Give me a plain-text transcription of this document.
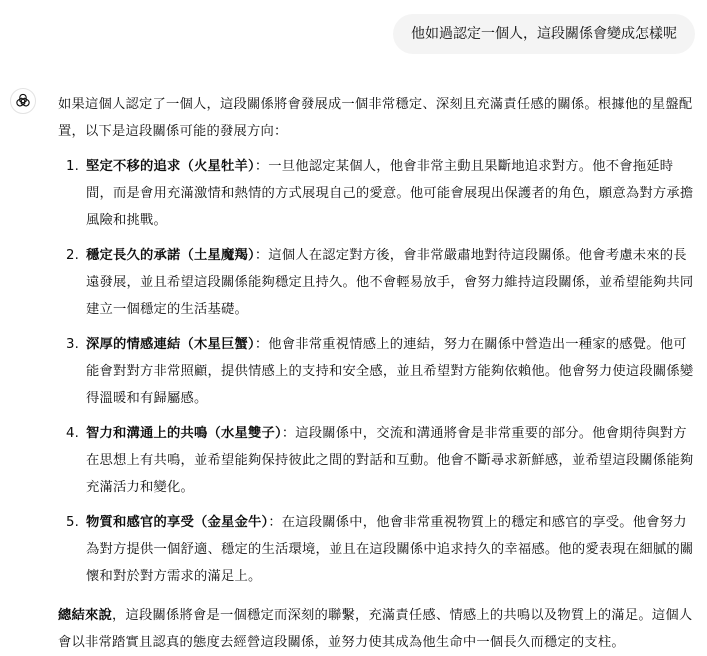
他如過認定一個人，這段關係會變成怎樣呢

如果這個人認定了一個人，這段關係將會發展成一個非常穩定、深刻且充滿責任感的關係。根據他的星盤配置，以下是這段關係可能的發展方向：

1. 堅定不移的追求（火星牡羊）：一旦他認定某個人，他會非常主動且果斷地追求對方。他不會拖延時間，而是會用充滿激情和熱情的方式展現自己的愛意。他可能會展現出保護者的角色，願意為對方承擔風險和挑戰。
2. 穩定長久的承諾（土星魔羯）：這個人在認定對方後，會非常嚴肅地對待這段關係。他會考慮未來的長遠發展，並且希望這段關係能夠穩定且持久。他不會輕易放手，會努力維持這段關係，並希望能夠共同建立一個穩定的生活基礎。
3. 深厚的情感連結（木星巨蟹）：他會非常重視情感上的連結，努力在關係中營造出一種家的感覺。他可能會對對方非常照顧，提供情感上的支持和安全感，並且希望對方能夠依賴他。他會努力使這段關係變得溫暖和有歸屬感。
4. 智力和溝通上的共鳴（水星雙子）：這段關係中，交流和溝通將會是非常重要的部分。他會期待與對方在思想上有共鳴，並希望能夠保持彼此之間的對話和互動。他會不斷尋求新鮮感，並希望這段關係能夠充滿活力和變化。
5. 物質和感官的享受（金星金牛）：在這段關係中，他會非常重視物質上的穩定和感官的享受。他會努力為對方提供一個舒適、穩定的生活環境，並且在這段關係中追求持久的幸福感。他的愛表現在細膩的關懷和對於對方需求的滿足上。

總結來說，這段關係將會是一個穩定而深刻的聯繫，充滿責任感、情感上的共鳴以及物質上的滿足。這個人會以非常踏實且認真的態度去經營這段關係，並努力使其成為他生命中一個長久而穩定的支柱。
